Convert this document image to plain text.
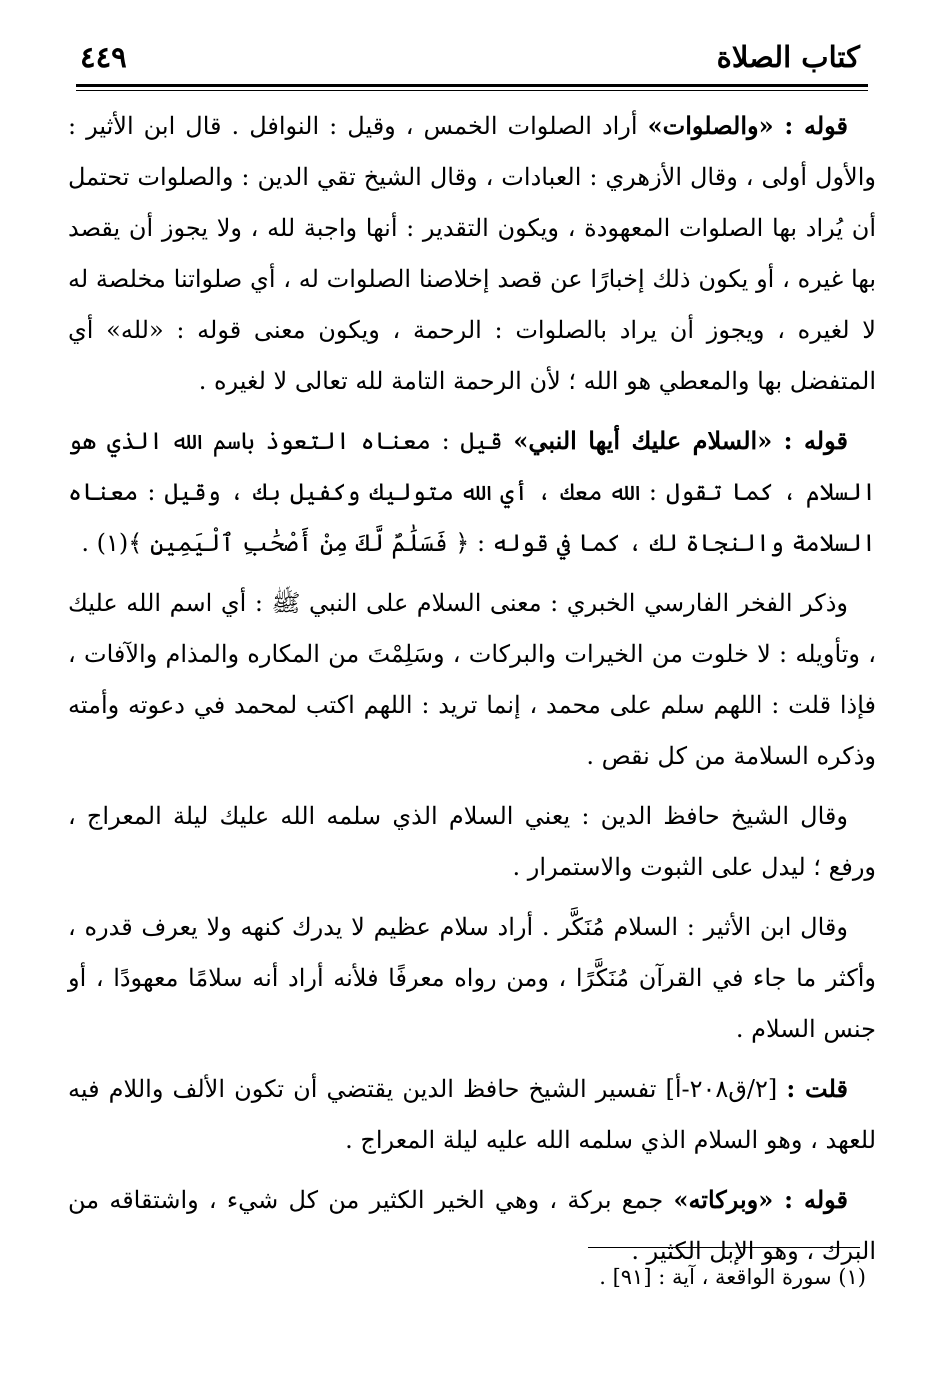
كتاب الصلاة
٤٤٩

قوله : «والصلوات» أراد الصلوات الخمس ، وقيل : النوافل . قال ابن الأثير : والأول أولى ، وقال الأزهري : العبادات ، وقال الشيخ تقي الدين : والصلوات تحتمل أن يُراد بها الصلوات المعهودة ، ويكون التقدير : أنها واجبة لله ، ولا يجوز أن يقصد بها غيره ، أو يكون ذلك إخبارًا عن قصد إخلاصنا الصلوات له ، أي صلواتنا مخلصة له لا لغيره ، ويجوز أن يراد بالصلوات : الرحمة ، ويكون معنى قوله : «لله» أي المتفضل بها والمعطي هو الله ؛ لأن الرحمة التامة لله تعالى لا لغيره .

قوله : «السلام عليك أيها النبي» قيل : معناه التعوذ باسم الله الذي هو السلام ، كما تقول : الله معك ، أي الله متوليك وكفيل بك ، وقيل : معناه السلامة والنجاة لك ، كما في قوله : ﴿ فَسَلَٰمٌ لَّكَ مِنْ أَصْحَٰبِ ٱلْيَمِينِ ﴾(١) .

وذكر الفخر الفارسي الخبري : معنى السلام على النبي ﷺ : أي اسم الله عليك ، وتأويله : لا خلوت من الخيرات والبركات ، وسَلِمْتَ من المكاره والمذام والآفات ، فإذا قلت : اللهم سلم على محمد ، إنما تريد : اللهم اكتب لمحمد في دعوته وأمته وذكره السلامة من كل نقص .

وقال الشيخ حافظ الدين : يعني السلام الذي سلمه الله عليك ليلة المعراج ، ورفع ؛ ليدل على الثبوت والاستمرار .

وقال ابن الأثير : السلام مُنَكَّر . أراد سلام عظيم لا يدرك كنهه ولا يعرف قدره ، وأكثر ما جاء في القرآن مُنَكَّرًا ، ومن رواه معرفًا فلأنه أراد أنه سلامًا معهودًا ، أو جنس السلام .

قلت : [٢/ق٢٠٨-أ] تفسير الشيخ حافظ الدين يقتضي أن تكون الألف واللام فيه للعهد ، وهو السلام الذي سلمه الله عليه ليلة المعراج .

قوله : «وبركاته» جمع بركة ، وهي الخير الكثير من كل شيء ، واشتقاقه من البرك ، وهو الإبل الكثير .

(١) سورة الواقعة ، آية : [٩١] .
